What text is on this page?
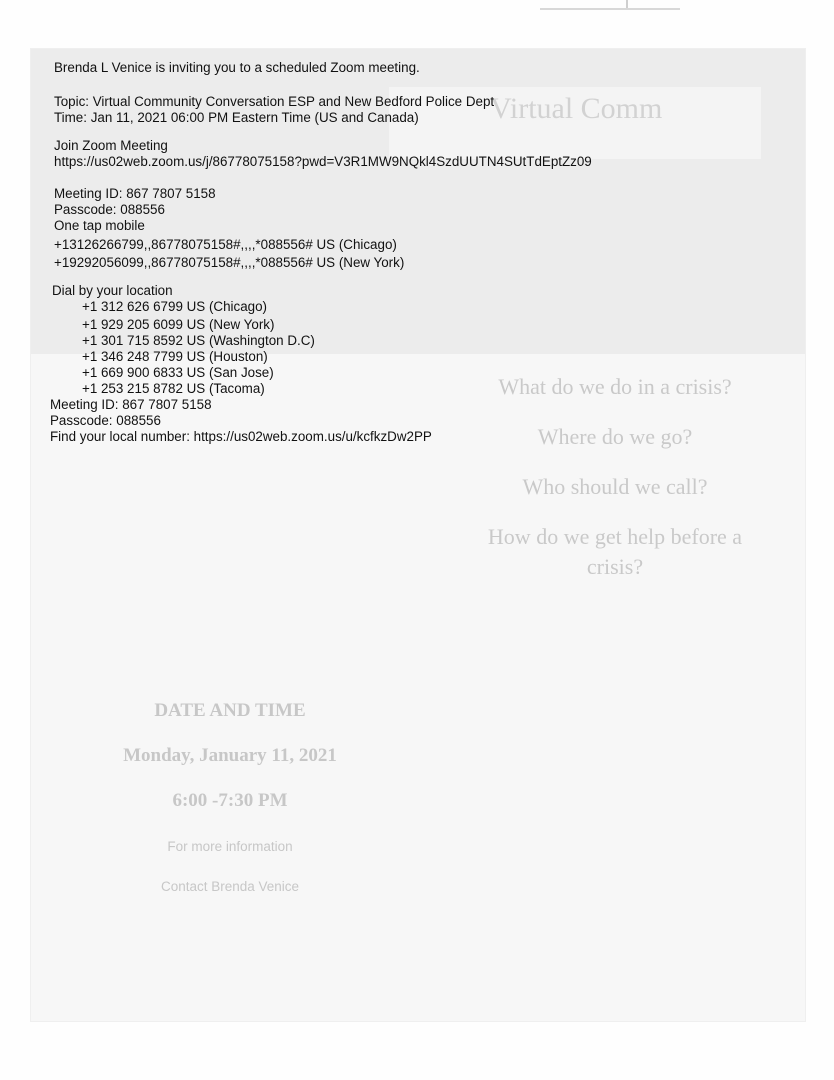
Virtual Comm
What do we do in a crisis?
Where do we go?
Who should we call?
How do we get help before a
crisis?
DATE AND TIME
Monday, January 11, 2021
6:00 -7:30 PM
For more information
Contact Brenda Venice
Brenda L Venice is inviting you to a scheduled Zoom meeting.
Topic: Virtual Community Conversation ESP and New Bedford Police Dept
Time: Jan 11, 2021 06:00 PM Eastern Time (US and Canada)
Join Zoom Meeting
https://us02web.zoom.us/j/86778075158?pwd=V3R1MW9NQkl4SzdUUTN4SUtTdEptZz09
Meeting ID: 867 7807 5158
Passcode: 088556
One tap mobile
+13126266799,,86778075158#,,,,*088556# US (Chicago)
+19292056099,,86778075158#,,,,*088556# US (New York)
Dial by your location
+1 312 626 6799 US (Chicago)
+1 929 205 6099 US (New York)
+1 301 715 8592 US (Washington D.C)
+1 346 248 7799 US (Houston)
+1 669 900 6833 US (San Jose)
+1 253 215 8782 US (Tacoma)
Meeting ID: 867 7807 5158
Passcode: 088556
Find your local number: https://us02web.zoom.us/u/kcfkzDw2PP
